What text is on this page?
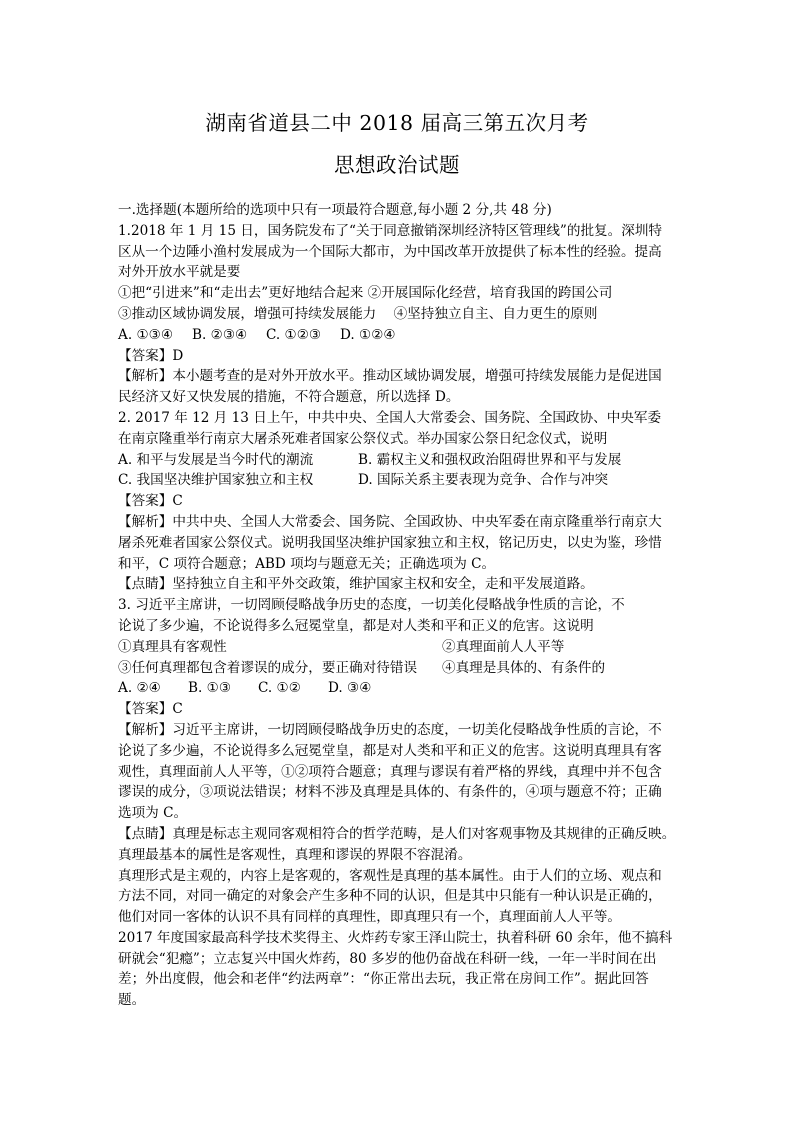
湖南省道县二中 2018 届高三第五次月考
思想政治试题
一.选择题(本题所给的选项中只有一项最符合题意,每小题 2 分,共 48 分)
1.2018 年 1 月 15 日，国务院发布了“关于同意撤销深圳经济特区管理线”的批复。深圳特
区从一个边陲小渔村发展成为一个国际大都市，为中国改革开放提供了标本性的经验。提高
对外开放水平就是要
①把“引进来”和“走出去”更好地结合起来 ②开展国际化经营，培育我国的跨国公司
③推动区域协调发展，增强可持续发展能力    ④坚持独立自主、自力更生的原则
A. ①③④	B. ②③④	C. ①②③	D. ①②④
【答案】D
【解析】本小题考查的是对外开放水平。推动区域协调发展，增强可持续发展能力是促进国
民经济又好又快发展的措施，不符合题意，所以选择 D。
2. 2017 年 12 月 13 日上午，中共中央、全国人大常委会、国务院、全国政协、中央军委
在南京隆重举行南京大屠杀死难者国家公祭仪式。举办国家公祭日纪念仪式，说明
A. 和平与发展是当今时代的潮流	B. 霸权主义和强权政治阻碍世界和平与发展
C. 我国坚决维护国家独立和主权	D. 国际关系主要表现为竞争、合作与冲突
【答案】C
【解析】中共中央、全国人大常委会、国务院、全国政协、中央军委在南京隆重举行南京大
屠杀死难者国家公祭仪式。说明我国坚决维护国家独立和主权，铭记历史，以史为鉴，珍惜
和平，C 项符合题意；ABD 项均与题意无关；正确选项为 C。
【点睛】坚持独立自主和平外交政策，维护国家主权和安全，走和平发展道路。
3. 习近平主席讲，一切罔顾侵略战争历史的态度，一切美化侵略战争性质的言论，不
论说了多少遍，不论说得多么冠冕堂皇，都是对人类和平和正义的危害。这说明
①真理具有客观性	②真理面前人人平等
③任何真理都包含着谬误的成分，要正确对待错误	④真理是具体的、有条件的
A. ②④	B. ①③	C. ①②	D. ③④
【答案】C
【解析】习近平主席讲，一切罔顾侵略战争历史的态度，一切美化侵略战争性质的言论，不
论说了多少遍，不论说得多么冠冕堂皇，都是对人类和平和正义的危害。这说明真理具有客
观性，真理面前人人平等，①②项符合题意；真理与谬误有着严格的界线，真理中并不包含
谬误的成分，③项说法错误；材料不涉及真理是具体的、有条件的，④项与题意不符；正确
选项为 C。
【点睛】真理是标志主观同客观相符合的哲学范畴，是人们对客观事物及其规律的正确反映。
真理最基本的属性是客观性，真理和谬误的界限不容混淆。
真理形式是主观的，内容上是客观的，客观性是真理的基本属性。由于人们的立场、观点和
方法不同，对同一确定的对象会产生多种不同的认识，但是其中只能有一种认识是正确的，
他们对同一客体的认识不具有同样的真理性，即真理只有一个，真理面前人人平等。
2017 年度国家最高科学技术奖得主、火炸药专家王泽山院士，执着科研 60 余年，他不搞科
研就会“犯瘾”；立志复兴中国火炸药，80 多岁的他仍奋战在科研一线，一年一半时间在出
差；外出度假，他会和老伴“约法两章”：“你正常出去玩，我正常在房间工作”。据此回答
题。
